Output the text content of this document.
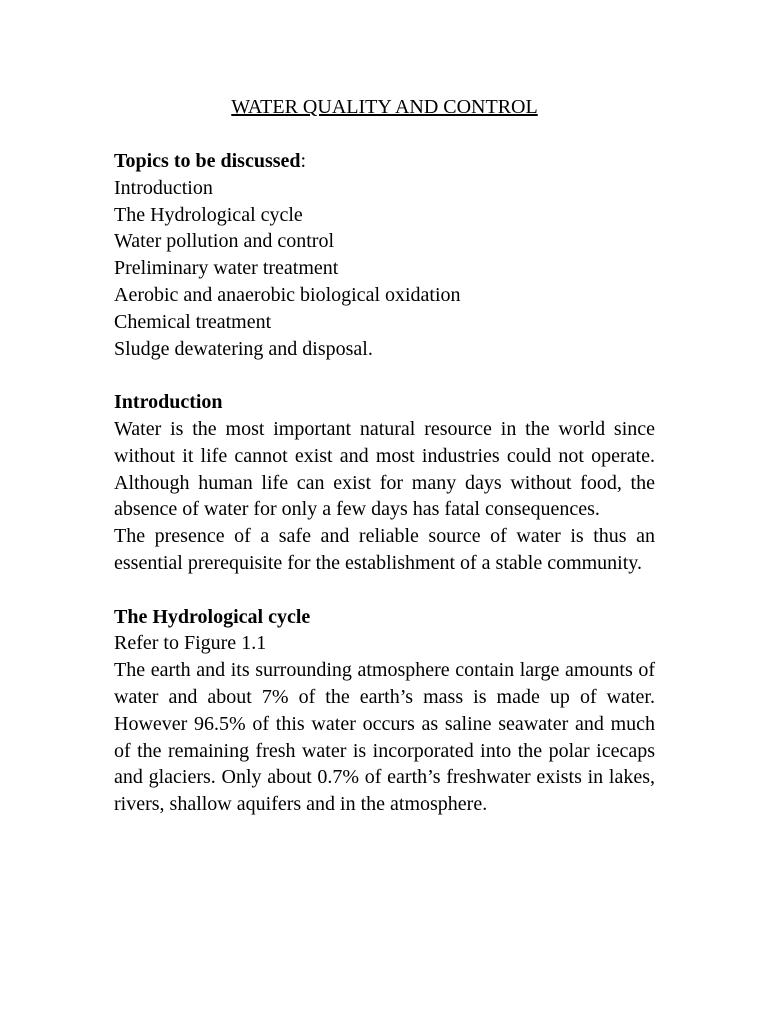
WATER QUALITY AND CONTROL
Topics to be discussed:
Introduction
The Hydrological cycle
Water pollution and control
Preliminary water treatment
Aerobic and anaerobic biological oxidation
Chemical treatment
Sludge dewatering and disposal.
Introduction

Water is the most important natural resource in the world since without it life cannot exist and most industries could not operate. Although human life can exist for many days without food, the absence of water for only a few days has fatal consequences.

The presence of a safe and reliable source of water is thus an essential prerequisite for the establishment of a stable community.

The Hydrological cycle

Refer to Figure 1.1

The earth and its surrounding atmosphere contain large amounts of water and about 7% of the earth’s mass is made up of water. However 96.5% of this water occurs as saline seawater and much of the remaining fresh water is incorporated into the polar icecaps and glaciers. Only about 0.7% of earth’s freshwater exists in lakes, rivers, shallow aquifers and in the atmosphere.
